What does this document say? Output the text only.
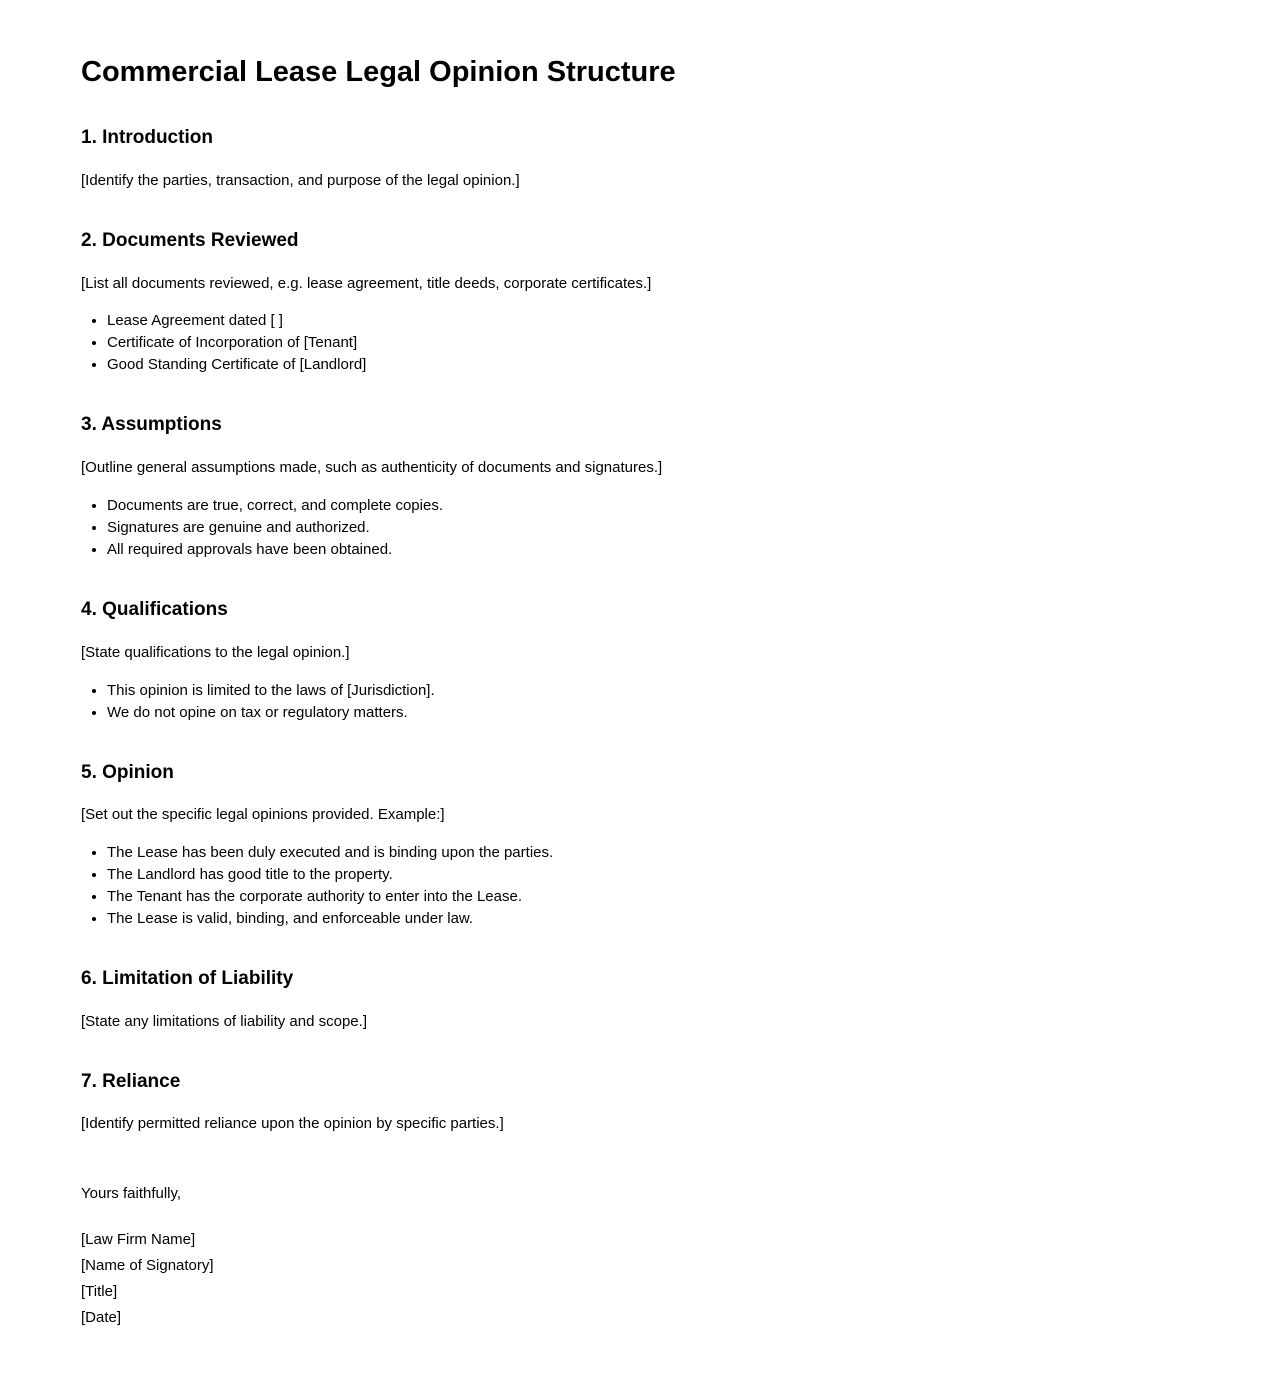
Commercial Lease Legal Opinion Structure
1. Introduction

[Identify the parties, transaction, and purpose of the legal opinion.]

2. Documents Reviewed

[List all documents reviewed, e.g. lease agreement, title deeds, corporate certificates.]

• Lease Agreement dated [ ]
• Certificate of Incorporation of [Tenant]
• Good Standing Certificate of [Landlord]
3. Assumptions

[Outline general assumptions made, such as authenticity of documents and signatures.]

• Documents are true, correct, and complete copies.
• Signatures are genuine and authorized.
• All required approvals have been obtained.
4. Qualifications

[State qualifications to the legal opinion.]

• This opinion is limited to the laws of [Jurisdiction].
• We do not opine on tax or regulatory matters.
5. Opinion

[Set out the specific legal opinions provided. Example:]

• The Lease has been duly executed and is binding upon the parties.
• The Landlord has good title to the property.
• The Tenant has the corporate authority to enter into the Lease.
• The Lease is valid, binding, and enforceable under law.
6. Limitation of Liability

[State any limitations of liability and scope.]

7. Reliance

[Identify permitted reliance upon the opinion by specific parties.]

Yours faithfully,

[Law Firm Name]
[Name of Signatory]
[Title]
[Date]
